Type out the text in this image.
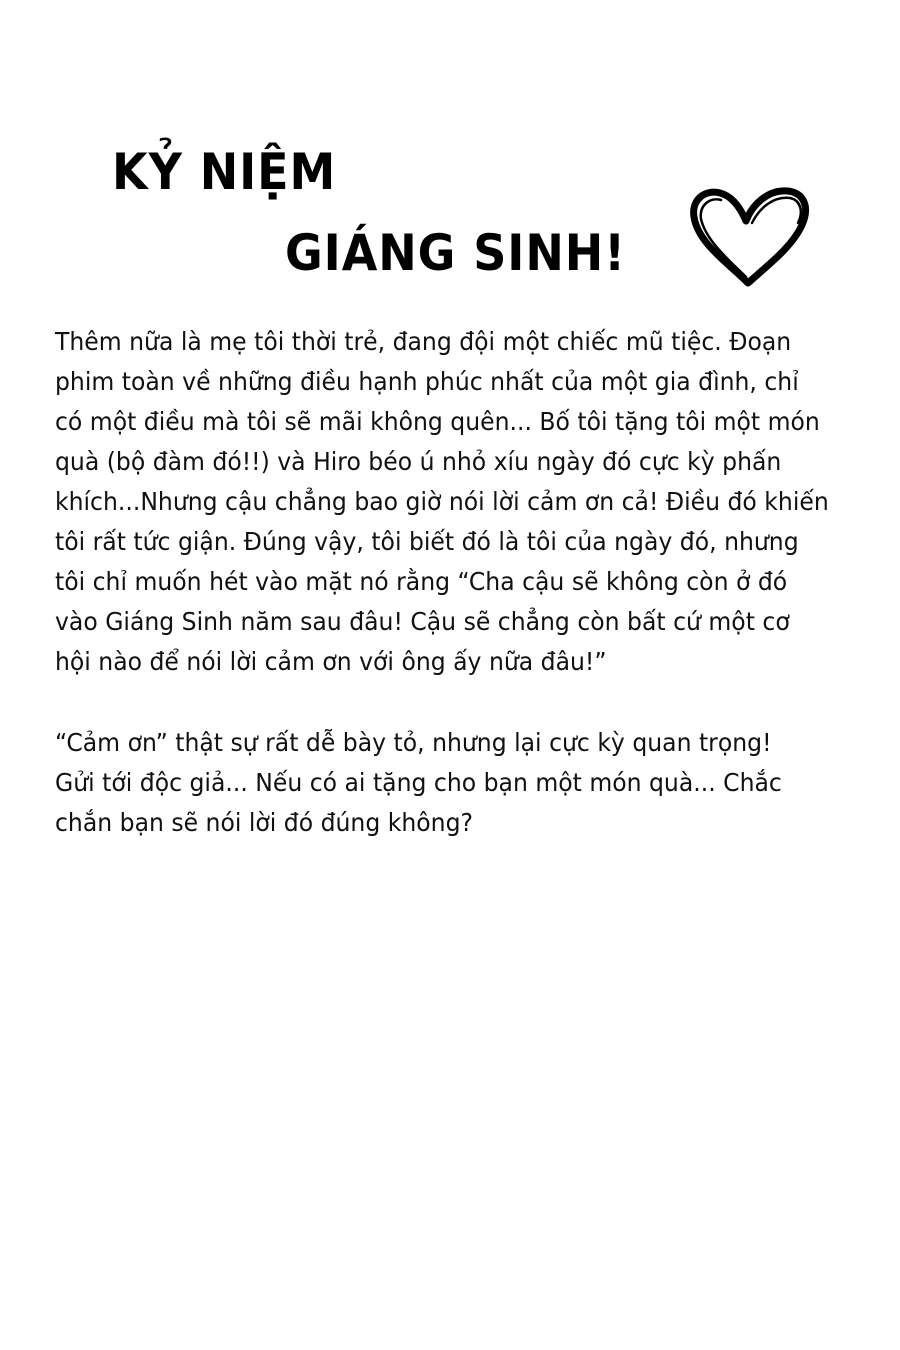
KỶ NIỆM
GIÁNG SINH!
Thêm nữa là mẹ tôi thời trẻ, đang đội một chiếc mũ tiệc. Đoạn
phim toàn về những điều hạnh phúc nhất của một gia đình, chỉ
có một điều mà tôi sẽ mãi không quên... Bố tôi tặng tôi một món
quà (bộ đàm đó!!) và Hiro béo ú nhỏ xíu ngày đó cực kỳ phấn
khích...Nhưng cậu chẳng bao giờ nói lời cảm ơn cả! Điều đó khiến
tôi rất tức giận. Đúng vậy, tôi biết đó là tôi của ngày đó, nhưng
tôi chỉ muốn hét vào mặt nó rằng “Cha cậu sẽ không còn ở đó
vào Giáng Sinh năm sau đâu! Cậu sẽ chẳng còn bất cứ một cơ
hội nào để nói lời cảm ơn với ông ấy nữa đâu!”
“Cảm ơn” thật sự rất dễ bày tỏ, nhưng lại cực kỳ quan trọng!
Gửi tới độc giả... Nếu có ai tặng cho bạn một món quà... Chắc
chắn bạn sẽ nói lời đó đúng không?
